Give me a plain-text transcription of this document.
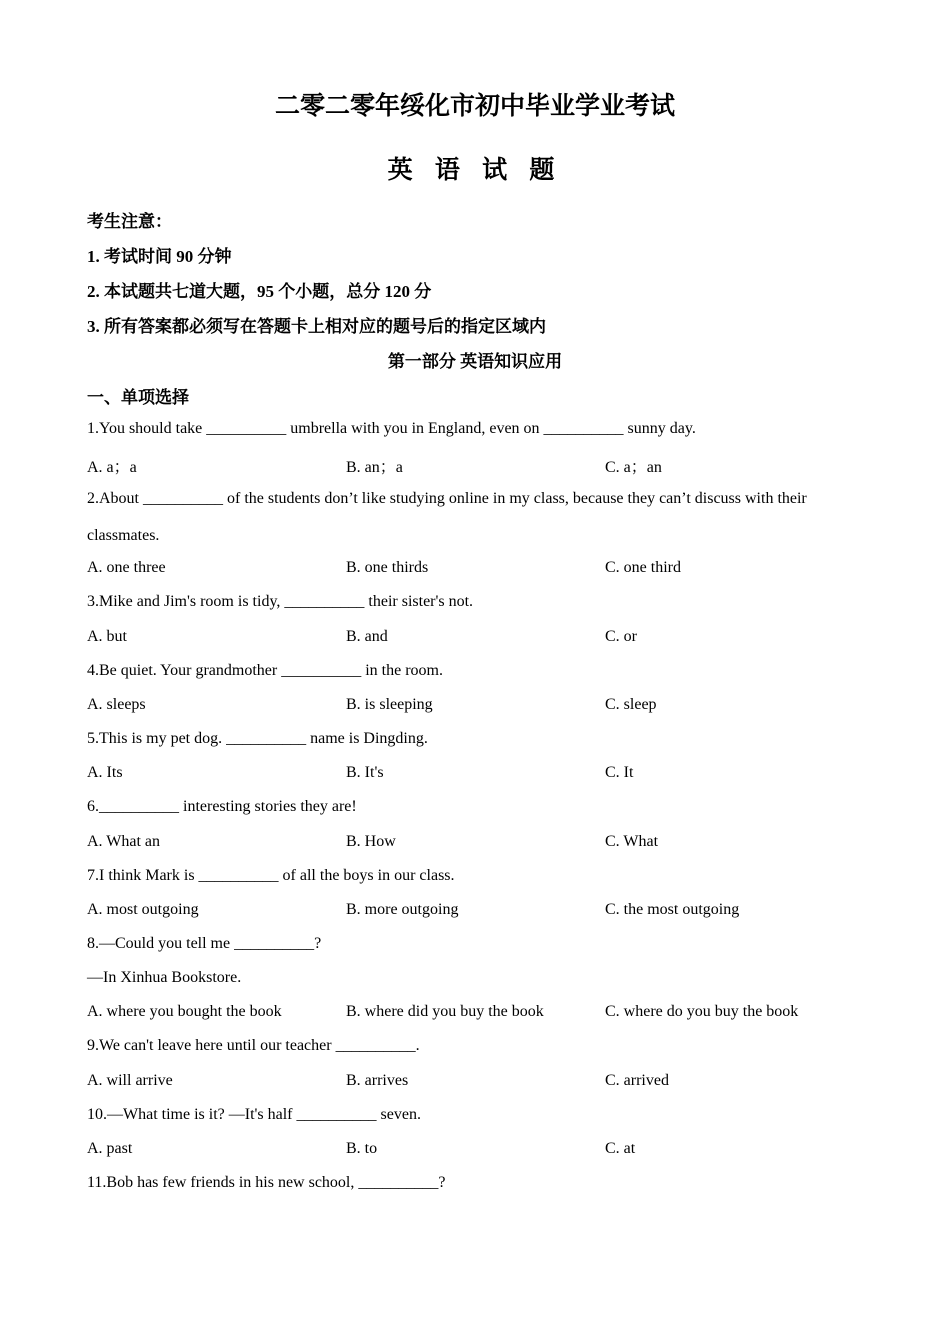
二零二零年绥化市初中毕业学业考试
英 语 试 题
考生注意：
1. 考试时间 90 分钟
2. 本试题共七道大题，95 个小题，总分 120 分
3. 所有答案都必须写在答题卡上相对应的题号后的指定区域内
第一部分 英语知识应用
一、单项选择
1.You should take __________ umbrella with you in England, even on __________ sunny day.
A. a；a	B. an；a	C. a；an
2.About __________ of the students don’t like studying online in my class, because they can’t discuss with their classmates.
A. one three	B. one thirds	C. one third
3.Mike and Jim's room is tidy, __________ their sister's not.
A. but	B. and	C. or
4.Be quiet. Your grandmother __________ in the room.
A. sleeps	B. is sleeping	C. sleep
5.This is my pet dog. __________ name is Dingding.
A. Its	B. It's	C. It
6.__________ interesting stories they are!
A. What an	B. How	C. What
7.I think Mark is __________ of all the boys in our class.
A. most outgoing	B. more outgoing	C. the most outgoing
8.—Could you tell me __________?
—In Xinhua Bookstore.
A. where you bought the book	B. where did you buy the book	C. where do you buy the book
9.We can't leave here until our teacher __________.
A. will arrive	B. arrives	C. arrived
10.—What time is it? —It's half __________ seven.
A. past	B. to	C. at
11.Bob has few friends in his new school, __________?
